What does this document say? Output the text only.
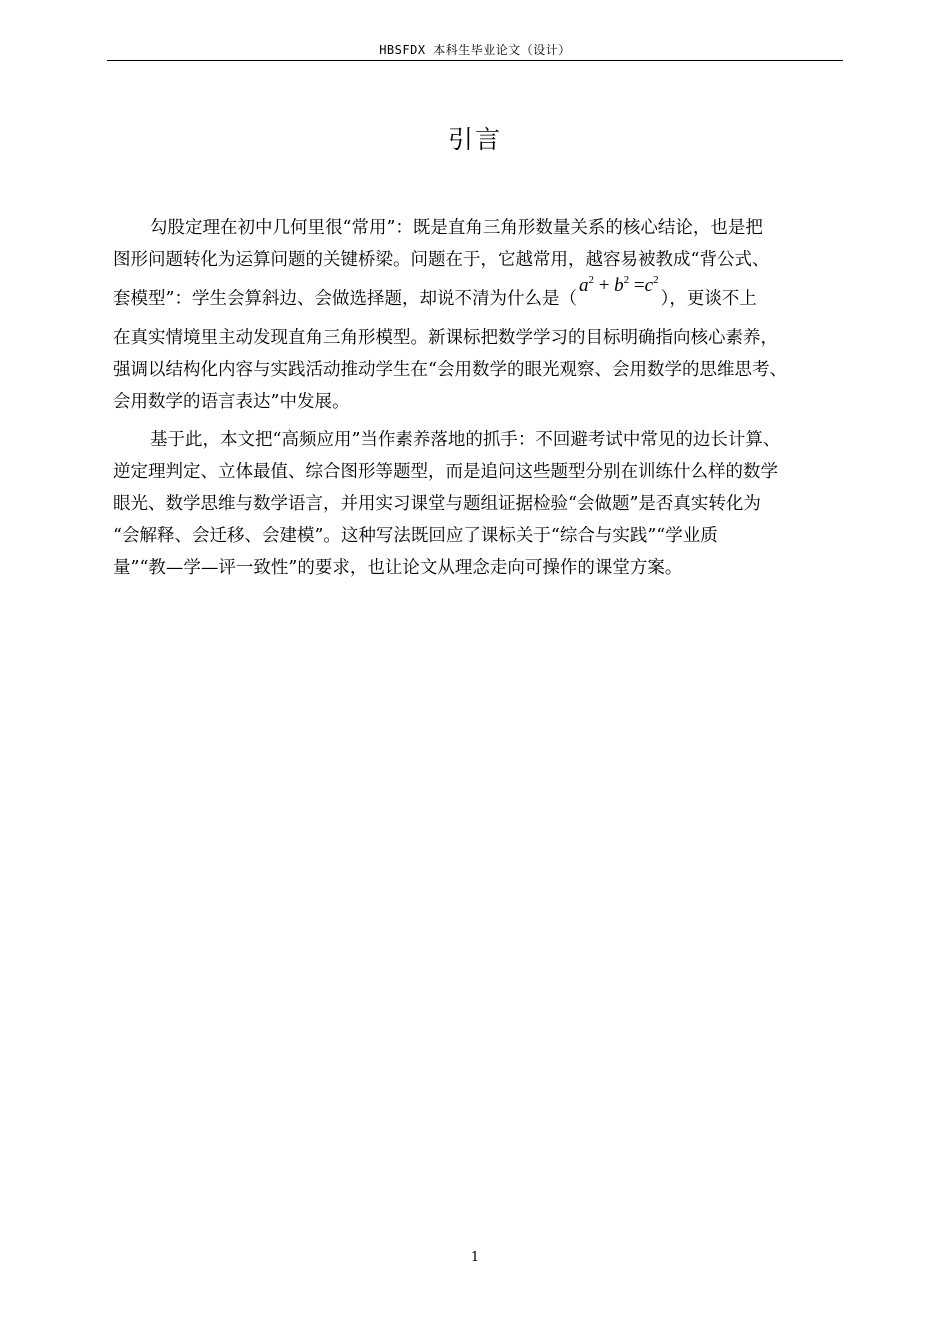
HBSFDX 本科生毕业论文（设计）
引言
勾股定理在初中几何里很“常用”：既是直角三角形数量关系的核心结论，也是把
图形问题转化为运算问题的关键桥梁。问题在于，它越常用，越容易被教成“背公式、
套模型”：学生会算斜边、会做选择题，却说不清为什么是$(a^2 + b^2 =c^2)$，更谈不上
在真实情境里主动发现直角三角形模型。新课标把数学学习的目标明确指向核心素养，
强调以结构化内容与实践活动推动学生在“会用数学的眼光观察、会用数学的思维思考、
会用数学的语言表达”中发展。
基于此，本文把“高频应用”当作素养落地的抓手：不回避考试中常见的边长计算、
逆定理判定、立体最值、综合图形等题型，而是追问这些题型分别在训练什么样的数学
眼光、数学思维与数学语言，并用实习课堂与题组证据检验“会做题”是否真实转化为
“会解释、会迁移、会建模”。这种写法既回应了课标关于“综合与实践”“学业质
量”“教—学—评一致性”的要求，也让论文从理念走向可操作的课堂方案。
1
